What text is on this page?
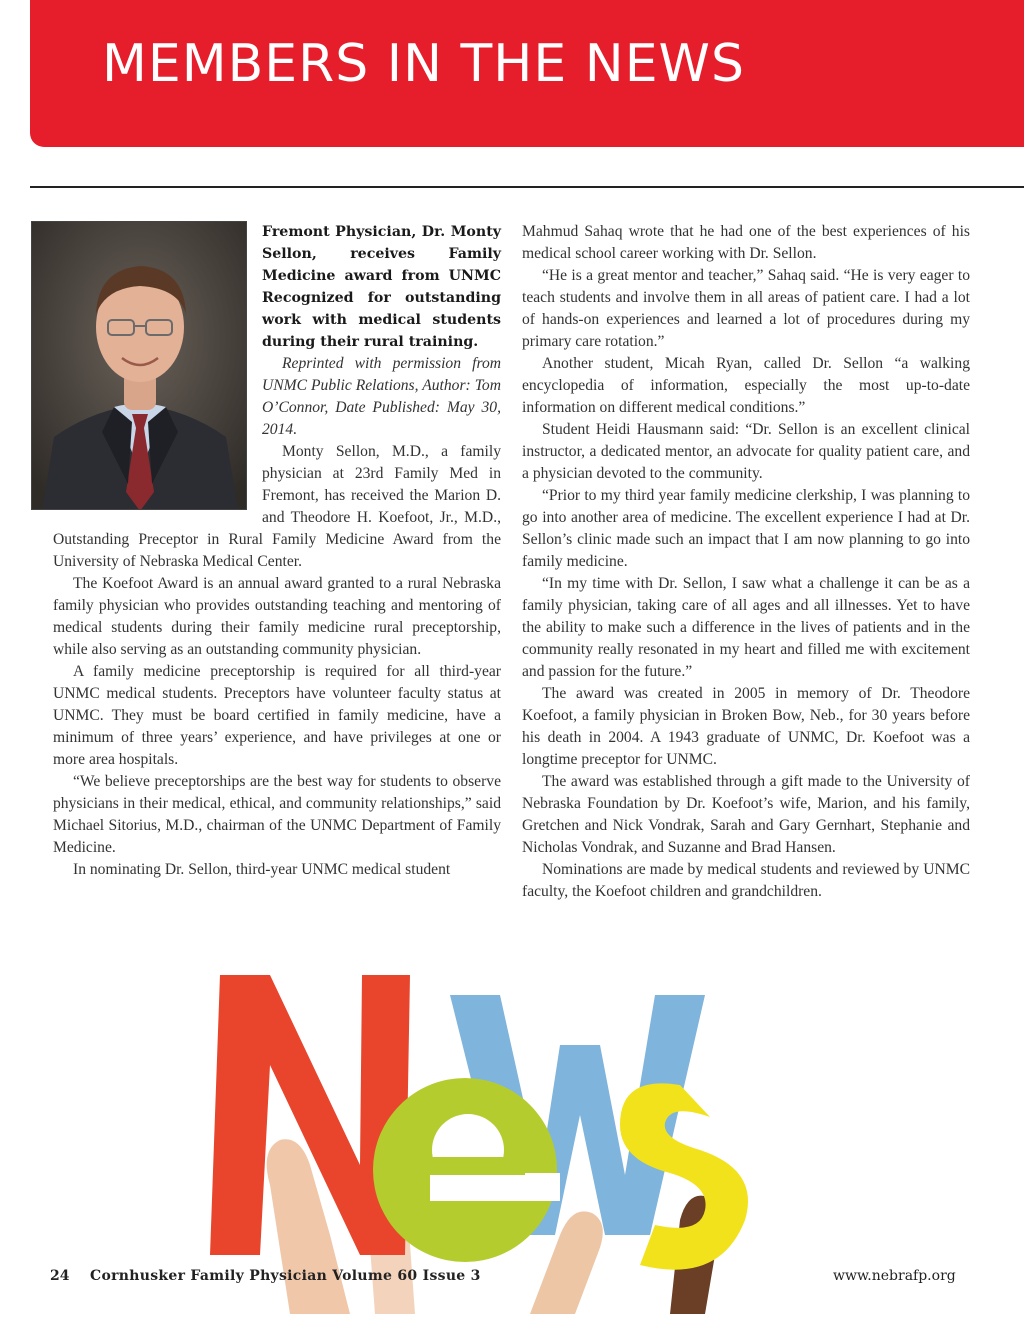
MEMBERS IN THE NEWS

Fremont Physician, Dr. Monty Sellon, receives Family Medicine award from UNMC Recognized for outstanding work with medical students during their rural training.

Reprinted with permission from UNMC Public Relations, Author: Tom O’Connor, Date Published: May 30, 2014.

Monty Sellon, M.D., a family physician at 23rd Family Med in Fremont, has received the Marion D. and Theodore H. Koefoot, Jr., M.D., Outstanding Preceptor in Rural Family Medicine Award from the University of Nebraska Medical Center.

The Koefoot Award is an annual award granted to a rural Nebraska family physician who provides outstanding teaching and mentoring of medical students during their family medicine rural preceptorship, while also serving as an outstanding community physician.

A family medicine preceptorship is required for all third-year UNMC medical students. Preceptors have volunteer faculty status at UNMC. They must be board certified in family medicine, have a minimum of three years’ experience, and have privileges at one or more area hospitals.

“We believe preceptorships are the best way for students to observe physicians in their medical, ethical, and community relationships,” said Michael Sitorius, M.D., chairman of the UNMC Department of Family Medicine.

In nominating Dr. Sellon, third-year UNMC medical student

Mahmud Sahaq wrote that he had one of the best experiences of his medical school career working with Dr. Sellon.

“He is a great mentor and teacher,” Sahaq said. “He is very eager to teach students and involve them in all areas of patient care. I had a lot of hands-on experiences and learned a lot of procedures during my primary care rotation.”

Another student, Micah Ryan, called Dr. Sellon “a walking encyclopedia of information, especially the most up-to-date information on different medical conditions.”

Student Heidi Hausmann said: “Dr. Sellon is an excellent clinical instructor, a dedicated mentor, an advocate for quality patient care, and a physician devoted to the community.

“Prior to my third year family medicine clerkship, I was planning to go into another area of medicine. The excellent experience I had at Dr. Sellon’s clinic made such an impact that I am now planning to go into family medicine.

“In my time with Dr. Sellon, I saw what a challenge it can be as a family physician, taking care of all ages and all illnesses. Yet to have the ability to make such a difference in the lives of patients and in the community really resonated in my heart and filled me with excitement and passion for the future.”

The award was created in 2005 in memory of Dr. Theodore Koefoot, a family physician in Broken Bow, Neb., for 30 years before his death in 2004. A 1943 graduate of UNMC, Dr. Koefoot was a longtime preceptor for UNMC.

The award was established through a gift made to the University of Nebraska Foundation by Dr. Koefoot’s wife, Marion, and his family, Gretchen and Nick Vondrak, Sarah and Gary Gernhart, Stephanie and Nicholas Vondrak, and Suzanne and Brad Hansen.

Nominations are made by medical students and reviewed by UNMC faculty, the Koefoot children and grandchildren.

24 Cornhusker Family Physician Volume 60 Issue 3	www.nebrafp.org
